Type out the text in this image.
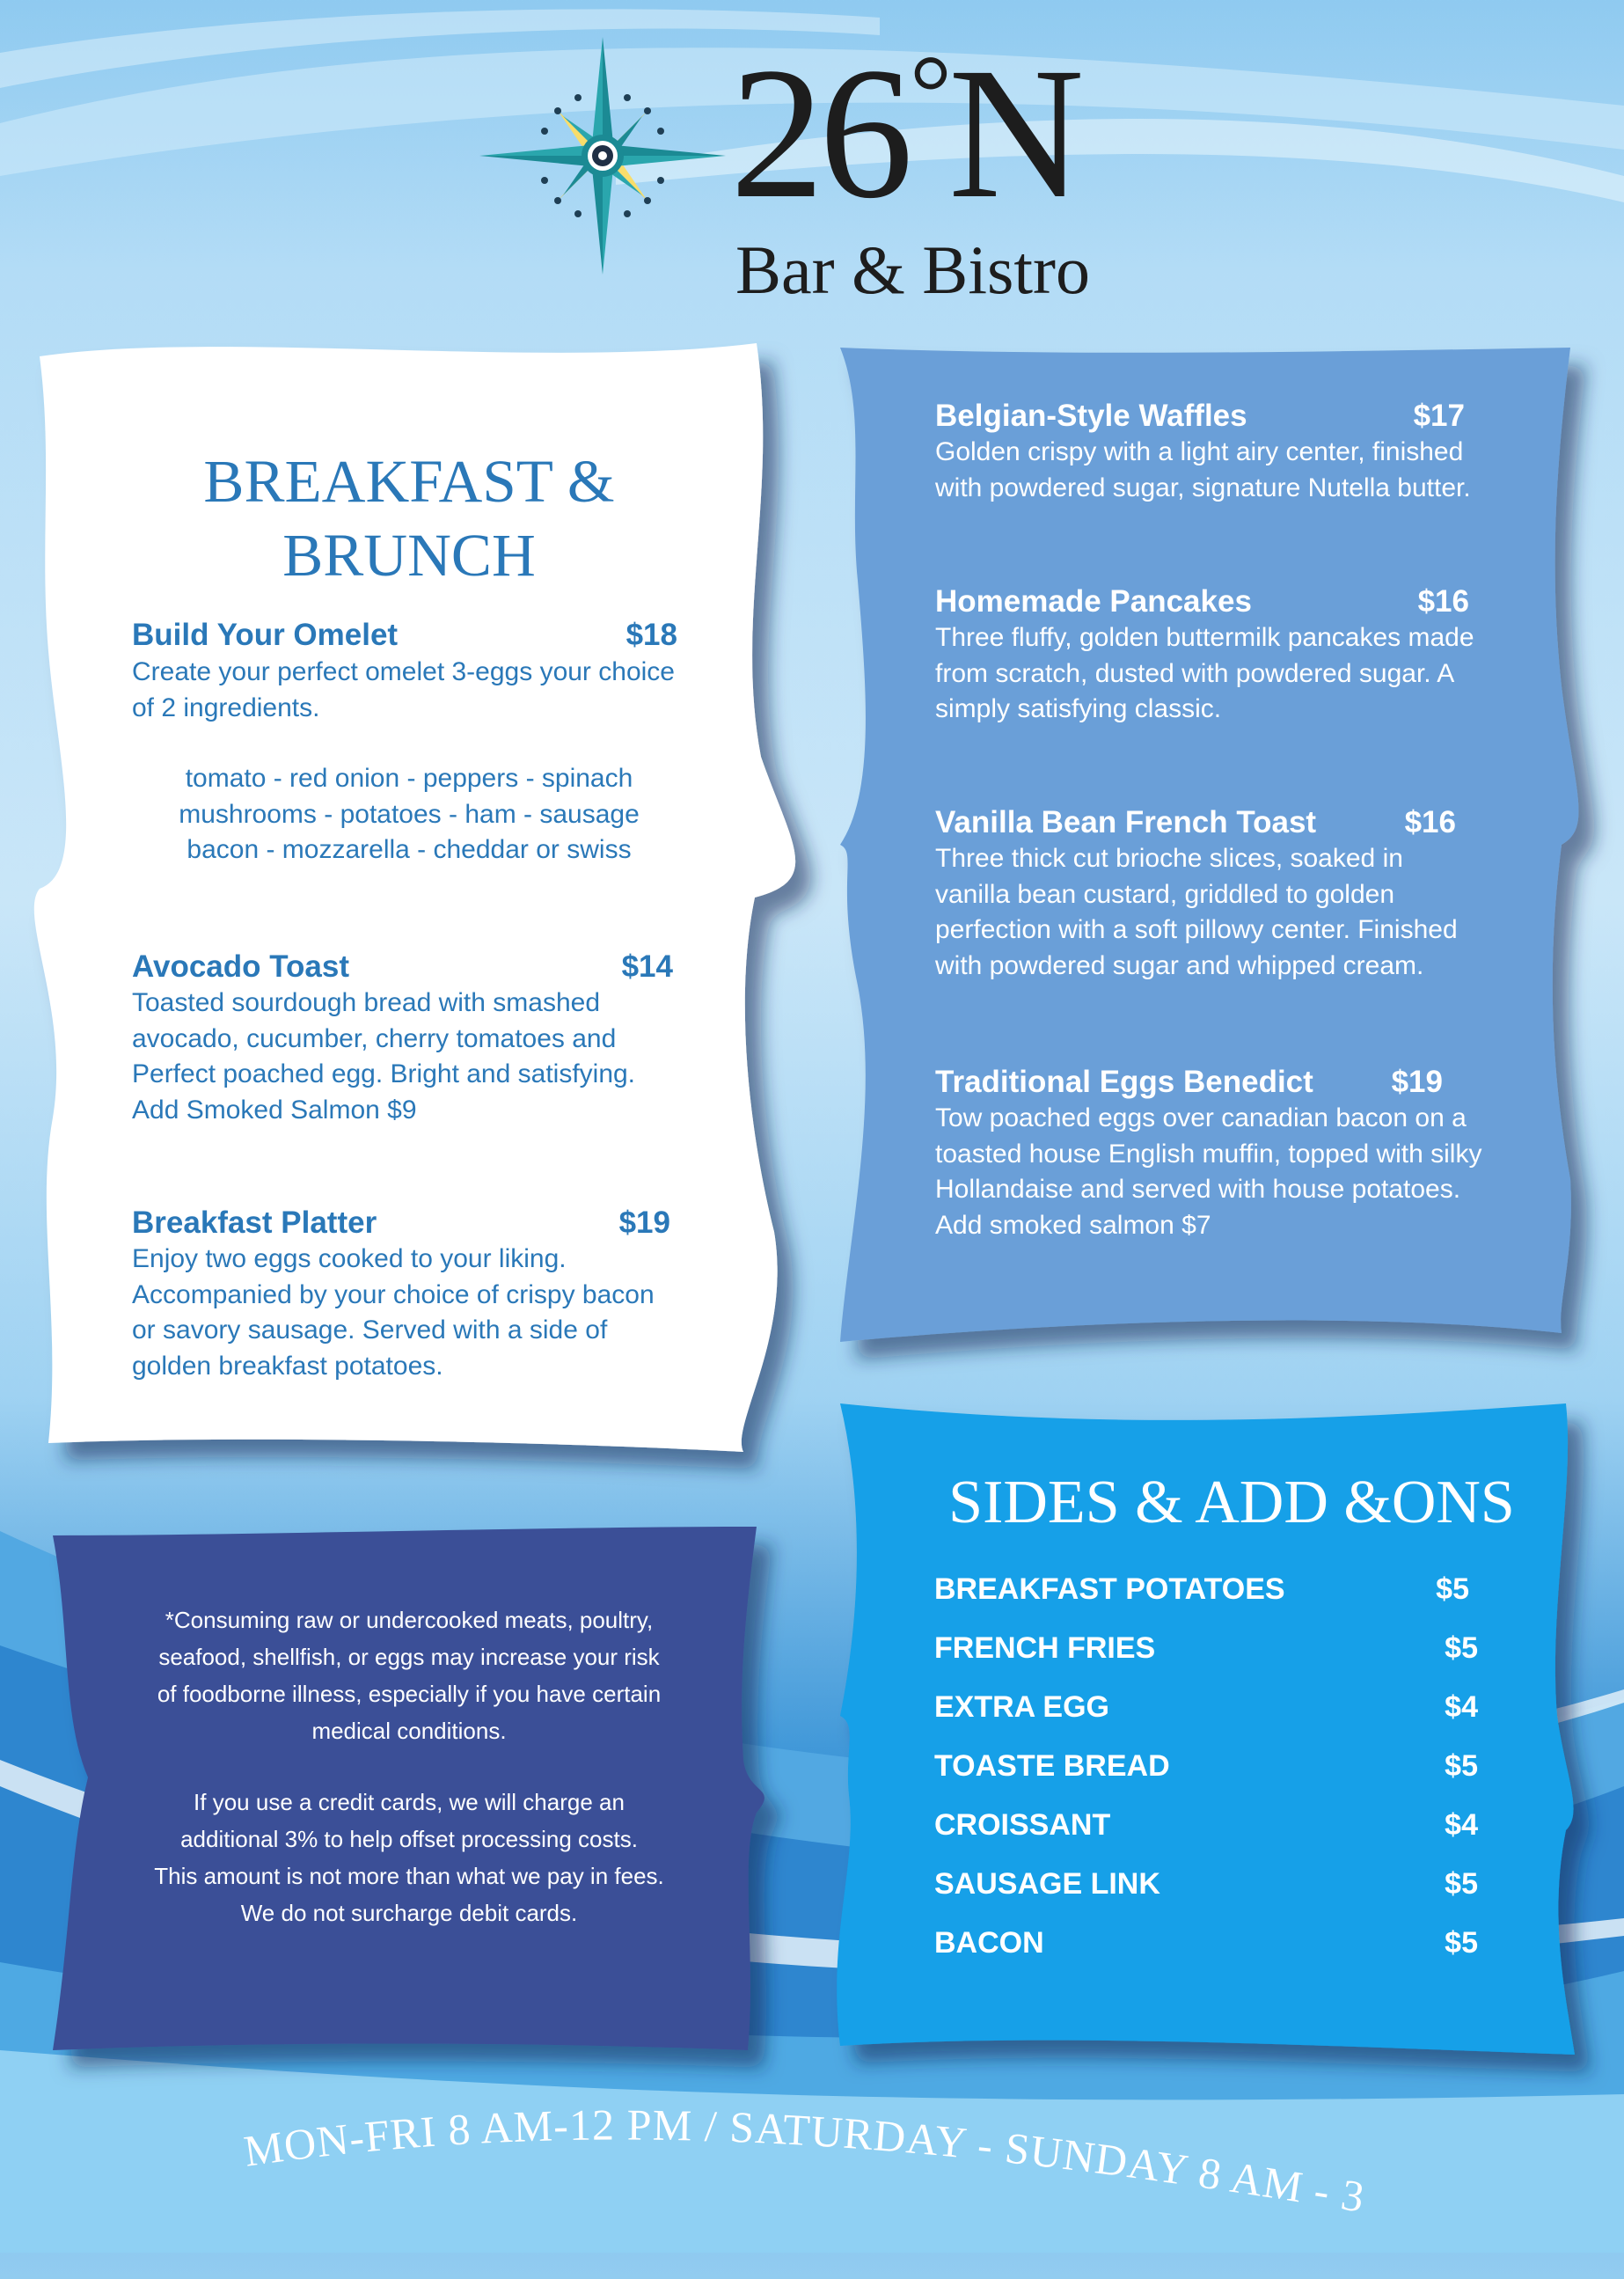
26°N
Bar & Bistro
BREAKFAST &
BRUNCH
Build Your Omelet	$18
Create your perfect omelet 3-eggs your choice
of 2 ingredients.
tomato - red onion - peppers - spinach
mushrooms - potatoes - ham - sausage
bacon - mozzarella - cheddar or swiss
Avocado Toast	$14
Toasted sourdough bread with smashed
avocado, cucumber, cherry tomatoes and
Perfect poached egg. Bright and satisfying.
Add Smoked Salmon $9
Breakfast Platter	$19
Enjoy two eggs cooked to your liking.
Accompanied by your choice of crispy bacon
or savory sausage. Served with a side of
golden breakfast potatoes.
Belgian-Style Waffles	$17
Golden crispy with a light airy center, finished
with powdered sugar, signature Nutella butter.
Homemade Pancakes	$16
Three fluffy, golden buttermilk pancakes made
from scratch, dusted with powdered sugar. A
simply satisfying classic.
Vanilla Bean French Toast	$16
Three thick cut brioche slices, soaked in
vanilla bean custard, griddled to golden
perfection with a soft pillowy center. Finished
with powdered sugar and whipped cream.
Traditional Eggs Benedict	$19
Tow poached eggs over canadian bacon on a
toasted house English muffin, topped with silky
Hollandaise and served with house potatoes.
Add smoked salmon $7
*Consuming raw or undercooked meats, poultry,
seafood, shellfish, or eggs may increase your risk
of foodborne illness, especially if you have certain
medical conditions.
If you use a credit cards, we will charge an
additional 3% to help offset processing costs.
This amount is not more than what we pay in fees.
We do not surcharge debit cards.
SIDES & ADD &ONS
BREAKFAST POTATOES	$5
FRENCH FRIES	$5
EXTRA EGG	$4
TOASTE BREAD	$5
CROISSANT	$4
SAUSAGE LINK	$5
BACON	$5
MON-FRI 8 AM-12 PM / SATURDAY - SUNDAY 8 AM - 3
